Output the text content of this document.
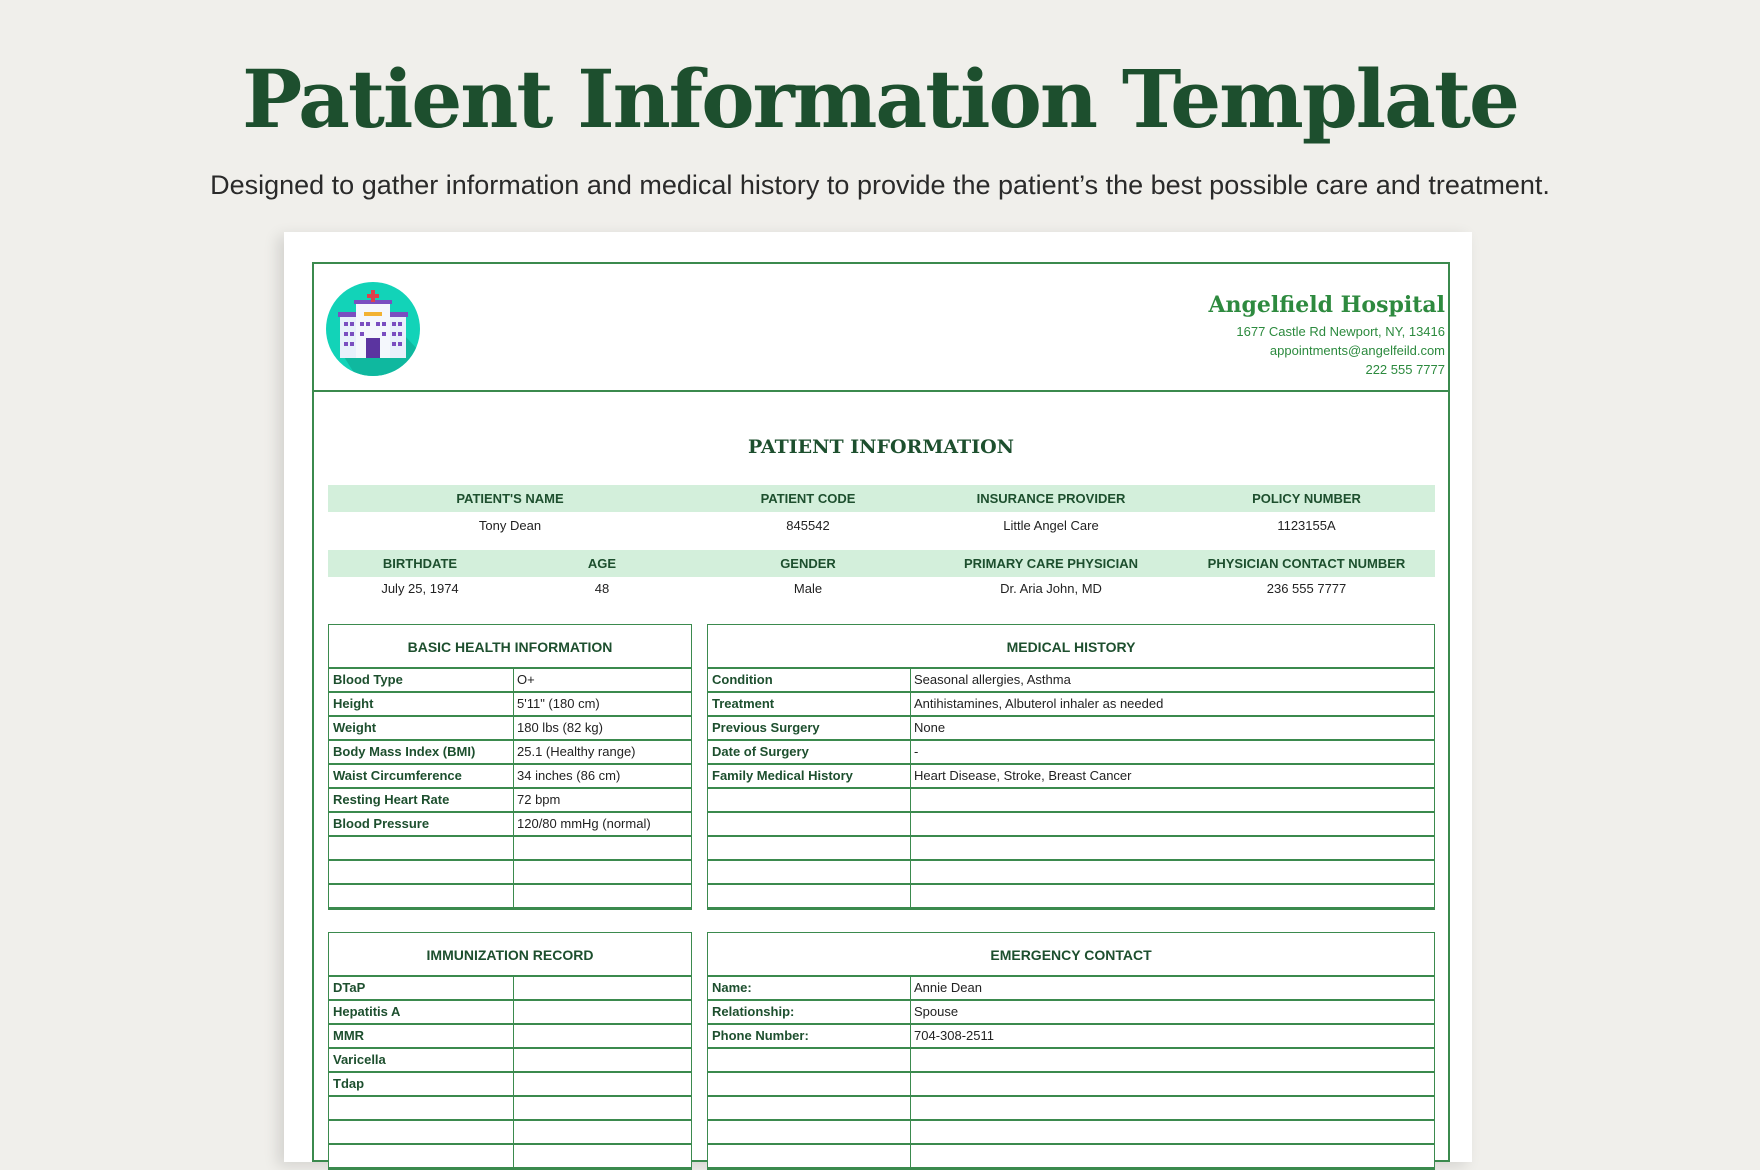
Patient Information Template
Designed to gather information and medical history to provide the patient’s the best possible care and treatment.
Angelfield Hospital
1677 Castle Rd Newport, NY, 13416
appointments@angelfeild.com
222 555 7777
PATIENT INFORMATION
PATIENT'S NAME	PATIENT CODE	INSURANCE PROVIDER	POLICY NUMBER
Tony Dean	845542	Little Angel Care	1123155A
BIRTHDATE	AGE	GENDER	PRIMARY CARE PHYSICIAN	PHYSICIAN CONTACT NUMBER
July 25, 1974	48	Male	Dr. Aria John, MD	236 555 7777
BASIC HEALTH INFORMATION
Blood Type	O+
Height	5'11" (180 cm)
Weight	180 lbs (82 kg)
Body Mass Index (BMI)	25.1 (Healthy range)
Waist Circumference	34 inches (86 cm)
Resting Heart Rate	72 bpm
Blood Pressure	120/80 mmHg (normal)
MEDICAL HISTORY
Condition	Seasonal allergies, Asthma
Treatment	Antihistamines, Albuterol inhaler as needed
Previous Surgery	None
Date of Surgery	-
Family Medical History	Heart Disease, Stroke, Breast Cancer
IMMUNIZATION RECORD
DTaP
Hepatitis A
MMR
Varicella
Tdap
EMERGENCY CONTACT
Name:	Annie Dean
Relationship:	Spouse
Phone Number:	704-308-2511
